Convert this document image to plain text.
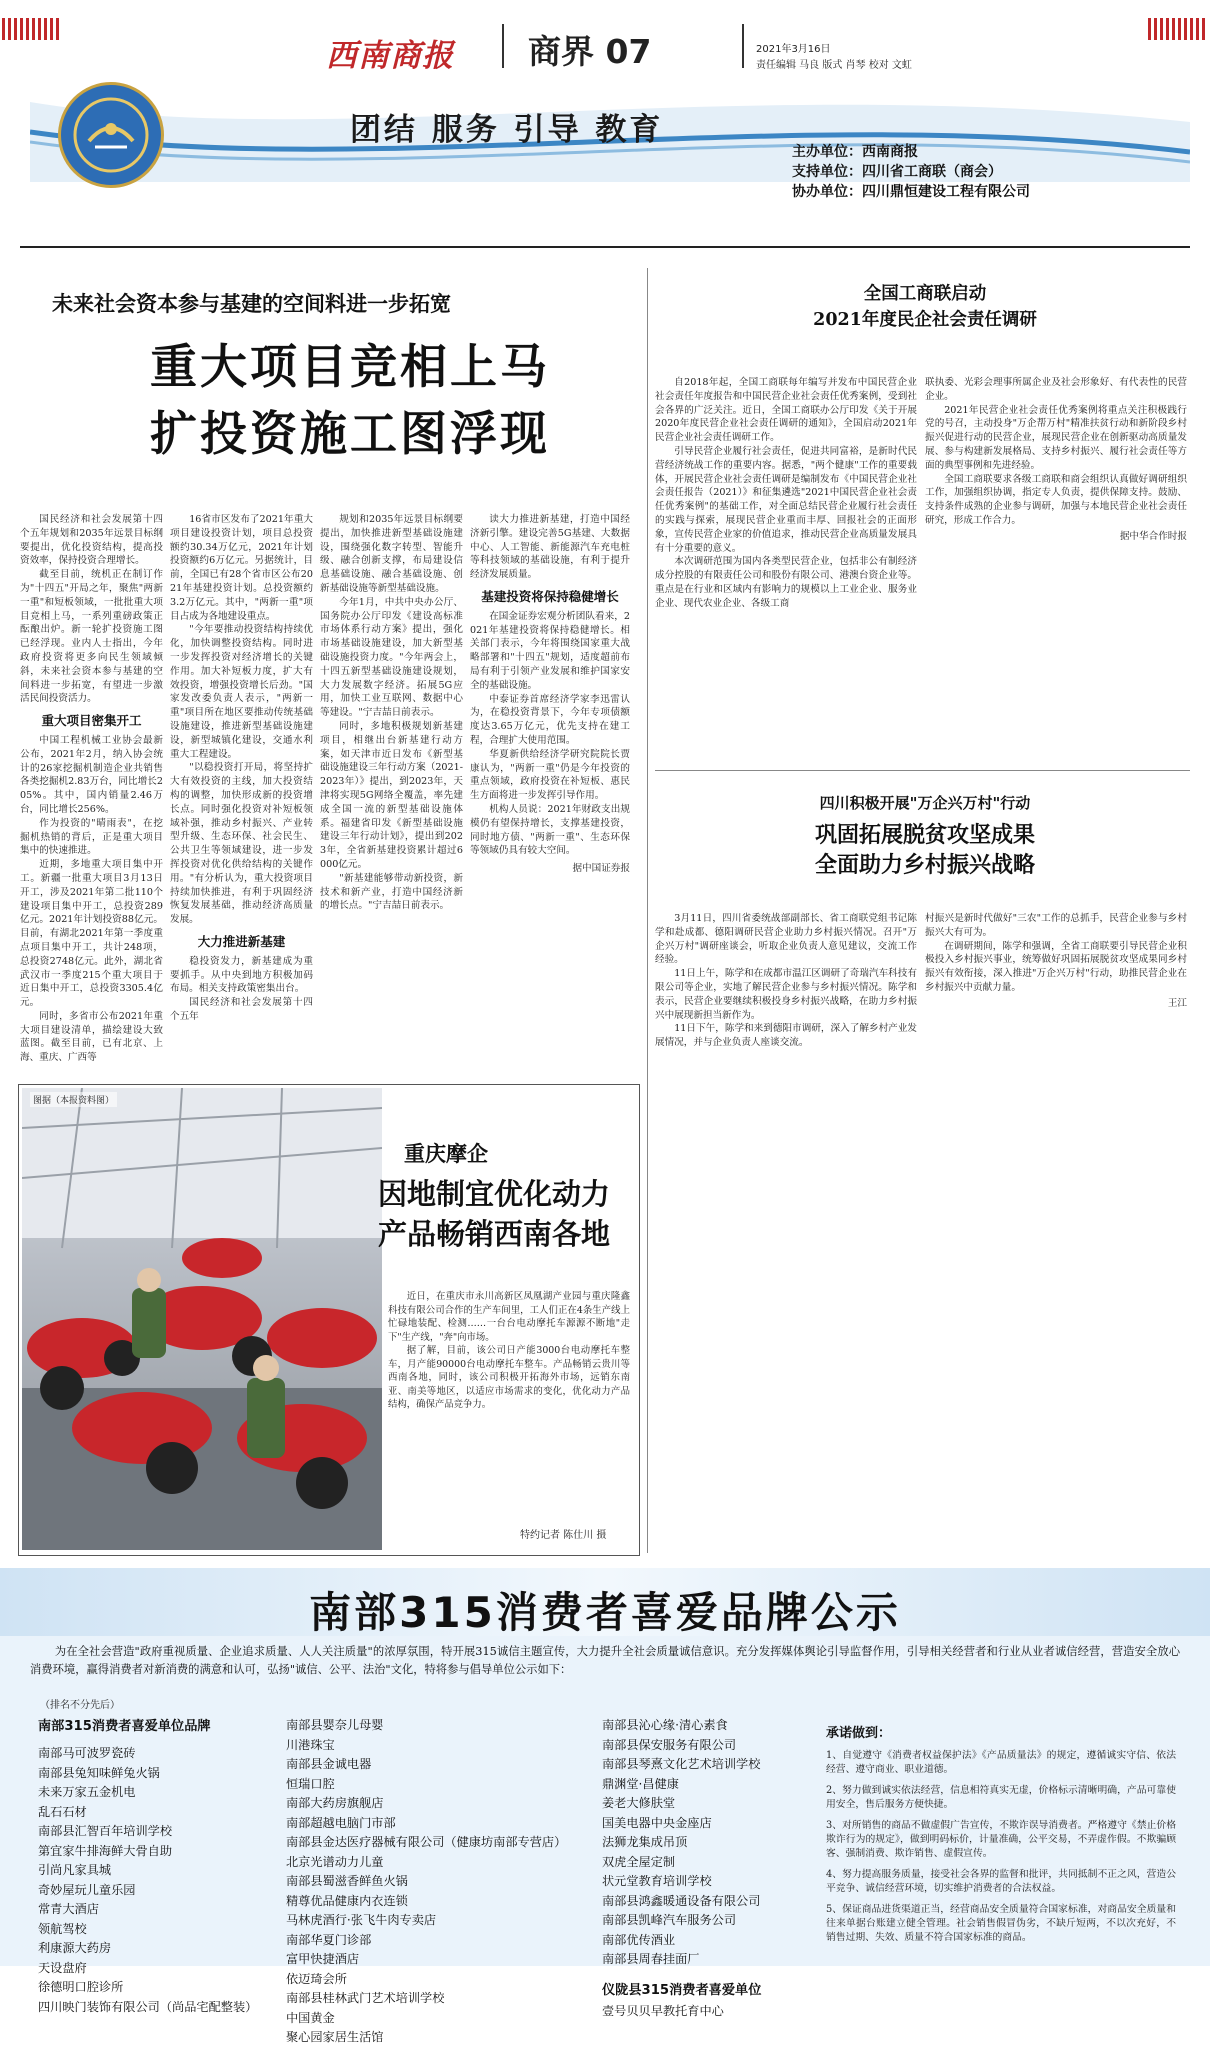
西南商报 商界 07	2021年3月16日
责任编辑 马良 版式 肖琴 校对 文虹
团结 服务 引导 教育
主办单位：西南商报
支持单位：四川省工商联（商会）
协办单位：四川鼎恒建设工程有限公司
未来社会资本参与基建的空间料进一步拓宽
重大项目竞相上马
扩投资施工图浮现

国民经济和社会发展第十四个五年规划和2035年远景目标纲要提出，优化投资结构，提高投资效率，保持投资合理增长。

截至目前，统机正在制订作为"十四五"开局之年，聚焦"两新一重"和短板领域，一批批重大项目竞相上马，一系列重磅政策正酝酿出炉。新一轮扩投资施工图已经浮现。业内人士指出，今年政府投资将更多向民生领域倾斜，未来社会资本参与基建的空间料进一步拓宽，有望进一步激活民间投资活力。

重大项目密集开工

中国工程机械工业协会最新公布，2021年2月，纳入协会统计的26家挖掘机制造企业共销售各类挖掘机2.83万台，同比增长205%。其中，国内销量2.46万台，同比增长256%。

作为投资的"晴雨表"，在挖掘机热销的背后，正是重大项目集中的快速推进。

近期，多地重大项目集中开工。新疆一批重大项目3月13日开工，涉及2021年第二批110个建设项目集中开工，总投资289亿元。2021年计划投资88亿元。目前，有湖北2021年第一季度重点项目集中开工，共计248项，总投资2748亿元。此外，湖北省武汉市一季度215个重大项目于近日集中开工，总投资3305.4亿元。

同时，多省市公布2021年重大项目建设清单，描绘建设大致蓝图。截至目前，已有北京、上海、重庆、广西等

16省市区发布了2021年重大项目建设投资计划，项目总投资额约30.34万亿元，2021年计划投资额约6万亿元。另据统计，目前，全国已有28个省市区公布2021年基建投资计划。总投资额约3.2万亿元。其中，"两新一重"项目占成为各地建设重点。

"今年要推动投资结构持续优化，加快调整投资结构。同时进一步发挥投资对经济增长的关键作用。加大补短板力度，扩大有效投资，增强投资增长后劲。"国家发改委负责人表示，"两新一重"项目所在地区要推动传统基础设施建设，推进新型基础设施建设，新型城镇化建设，交通水利重大工程建设。

"以稳投资打开局，将坚持扩大有效投资的主线，加大投资结构的调整，加快形成新的投资增长点。同时强化投资对补短板领域补强，推动乡村振兴、产业转型升级、生态环保、社会民生、公共卫生等领域建设，进一步发挥投资对优化供给结构的关键作用。"有分析认为，重大投资项目持续加快推进，有利于巩固经济恢复发展基础，推动经济高质量发展。

大力推进新基建

稳投资发力，新基建成为重要抓手。从中央到地方积极加码布局。相关支持政策密集出台。

国民经济和社会发展第十四个五年

规划和2035年远景目标纲要提出，加快推进新型基础设施建设，围绕强化数字转型、智能升级、融合创新支撑，布局建设信息基础设施、融合基础设施、创新基础设施等新型基础设施。

今年1月，中共中央办公厅、国务院办公厅印发《建设高标准市场体系行动方案》提出，强化市场基础设施建设，加大新型基础设施投资力度。"今年两会上，十四五新型基础设施建设规划，大力发展数字经济。拓展5G应用，加快工业互联网、数据中心等建设。"宁吉喆日前表示。

同时，多地积极规划新基建项目，相继出台新基建行动方案，如天津市近日发布《新型基础设施建设三年行动方案（2021-2023年）》提出，到2023年，天津将实现5G网络全覆盖，率先建成全国一流的新型基础设施体系。福建省印发《新型基础设施建设三年行动计划》，提出到2023年，全省新基建投资累计超过6000亿元。

"新基建能够带动新投资，新技术和新产业，打造中国经济新的增长点。"宁吉喆日前表示。

读大力推进新基建，打造中国经济新引擎。建设完善5G基建、大数据中心、人工智能、新能源汽车充电桩等科技领域的基础设施，有利于提升经济发展质量。

基建投资将保持稳健增长

在国金证券宏观分析团队看来，2021年基建投资将保持稳健增长。相关部门表示，今年将围绕国家重大战略部署和"十四五"规划，适度超前布局有利于引领产业发展和维护国家安全的基础设施。

中泰证券首席经济学家李迅雷认为，在稳投资背景下，今年专项债额度达3.65万亿元，优先支持在建工程，合理扩大使用范围。

华夏新供给经济学研究院院长贾康认为，"两新一重"仍是今年投资的重点领域，政府投资在补短板、惠民生方面将进一步发挥引导作用。

机构人员说：2021年财政支出规模仍有望保持增长，支撑基建投资，同时地方债、"两新一重"、生态环保等领域仍具有较大空间。

据中国证券报

重庆摩企
因地制宜优化动力
产品畅销西南各地
图据（本报资料图）

近日，在重庆市永川高新区凤凰湖产业园与重庆隆鑫科技有限公司合作的生产车间里，工人们正在4条生产线上忙碌地装配、检测……一台台电动摩托车源源不断地"走下"生产线，"奔"向市场。

据了解，目前，该公司日产能3000台电动摩托车整车，月产能90000台电动摩托车整车。产品畅销云贵川等西南各地，同时，该公司积极开拓海外市场，远销东南亚、南美等地区，以适应市场需求的变化，优化动力产品结构，确保产品竞争力。

特约记者 陈仕川 摄
全国工商联启动
2021年度民企社会责任调研

自2018年起，全国工商联每年编写并发布中国民营企业社会责任年度报告和中国民营企业社会责任优秀案例，受到社会各界的广泛关注。近日，全国工商联办公厅印发《关于开展2020年度民营企业社会责任调研的通知》，全国启动2021年民营企业社会责任调研工作。

引导民营企业履行社会责任，促进共同富裕，是新时代民营经济统战工作的重要内容。据悉，"两个健康"工作的重要载体，开展民营企业社会责任调研是编制发布《中国民营企业社会责任报告（2021）》和征集遴选"2021中国民营企业社会责任优秀案例"的基础工作，对全面总结民营企业履行社会责任的实践与探索，展现民营企业重而丰厚、回报社会的正面形象，宣传民营企业家的价值追求，推动民营企业高质量发展具有十分重要的意义。

本次调研范围为国内各类型民营企业，包括非公有制经济成分控股的有限责任公司和股份有限公司、港澳台资企业等。重点是在行业和区域内有影响力的规模以上工业企业、服务业企业、现代农业企业、各级工商

联执委、光彩会理事所属企业及社会形象好、有代表性的民营企业。

2021年民营企业社会责任优秀案例将重点关注积极践行党的号召，主动投身"万企帮万村"精准扶贫行动和新阶段乡村振兴促进行动的民营企业，展现民营企业在创新驱动高质量发展、参与构建新发展格局、支持乡村振兴、履行社会责任等方面的典型事例和先进经验。

全国工商联要求各级工商联和商会组织认真做好调研组织工作，加强组织协调，指定专人负责，提供保障支持。鼓励、支持条件成熟的企业参与调研，加强与本地民营企业社会责任研究，形成工作合力。

据中华合作时报

四川积极开展"万企兴万村"行动
巩固拓展脱贫攻坚成果
全面助力乡村振兴战略

3月11日，四川省委统战部副部长、省工商联党组书记陈学和赴成都、德阳调研民营企业助力乡村振兴情况。召开"万企兴万村"调研座谈会，听取企业负责人意见建议，交流工作经验。

11日上午，陈学和在成都市温江区调研了奇瑞汽车科技有限公司等企业，实地了解民营企业参与乡村振兴情况。陈学和表示，民营企业要继续积极投身乡村振兴战略，在助力乡村振兴中展现新担当新作为。

11日下午，陈学和来到德阳市调研，深入了解乡村产业发展情况，并与企业负责人座谈交流。

村振兴是新时代做好"三农"工作的总抓手，民营企业参与乡村振兴大有可为。

在调研期间，陈学和强调，全省工商联要引导民营企业积极投入乡村振兴事业，统筹做好巩固拓展脱贫攻坚成果同乡村振兴有效衔接，深入推进"万企兴万村"行动，助推民营企业在乡村振兴中贡献力量。

王江

南部315消费者喜爱品牌公示
为在全社会营造"政府重视质量、企业追求质量、人人关注质量"的浓厚氛围，特开展315诚信主题宣传，大力提升全社会质量诚信意识。充分发挥媒体舆论引导监督作用，引导相关经营者和行业从业者诚信经营，营造安全放心消费环境，赢得消费者对新消费的满意和认可，弘扬"诚信、公平、法治"文化，特将参与倡导单位公示如下：
（排名不分先后）
南部315消费者喜爱单位品牌
南部马可波罗瓷砖
南部县兔知味鲜兔火锅
未来万家五金机电
乱石石材
南部县汇智百年培训学校
第宜家牛排海鲜大骨自助
引尚凡家具城
奇妙屋玩儿童乐园
常青大酒店
领航驾校
利康源大药房
天设盘府
徐德明口腔诊所
四川映门装饰有限公司（尚品宅配整装）
南部县婴奈儿母婴
川港珠宝
南部县金诚电器
恒瑞口腔
南部大药房旗舰店
南部超越电脑门市部
南部县金达医疗器械有限公司（健康坊南部专营店）
北京光谱动力儿童
南部县蜀滋香鲜鱼火锅
精尊优品健康内衣连锁
马林虎酒行·张飞牛肉专卖店
南部华夏门诊部
富甲快捷酒店
依迈琦会所
南部县桂林武门艺术培训学校
中国黄金
聚心园家居生活馆
南部县沁心缘·清心素食
南部县保安服务有限公司
南部县琴熹文化艺术培训学校
鼎渊堂·昌健康
姜老大修肤堂
国美电器中央金座店
法狮龙集成吊顶
双虎全屋定制
状元堂教育培训学校
南部县鸿鑫暖通设备有限公司
南部县凯峰汽车服务公司
南部优传酒业
南部县周春挂面厂
仪陇县315消费者喜爱单位
壹号贝贝早教托育中心
承诺做到：

1、自觉遵守《消费者权益保护法》《产品质量法》的规定，遵循诚实守信、依法经营、遵守商业、职业道德。

2、努力做到诚实依法经营，信息相符真实无虚，价格标示清晰明确，产品可靠使用安全，售后服务方便快捷。

3、对所销售的商品不做虚假广告宣传，不欺诈误导消费者。严格遵守《禁止价格欺诈行为的规定》，做到明码标价，计量准确，公平交易，不弄虚作假。不欺骗顾客、强制消费、欺诈销售、虚假宣传。

4、努力提高服务质量，接受社会各界的监督和批评，共同抵制不正之风，营造公平竞争、诚信经营环境，切实维护消费者的合法权益。

5、保证商品进货渠道正当，经营商品安全质量符合国家标准，对商品安全质量和往来单据台账建立健全管理。社会销售假冒伪劣，不缺斤短两，不以次充好，不销售过期、失效、质量不符合国家标准的商品。
